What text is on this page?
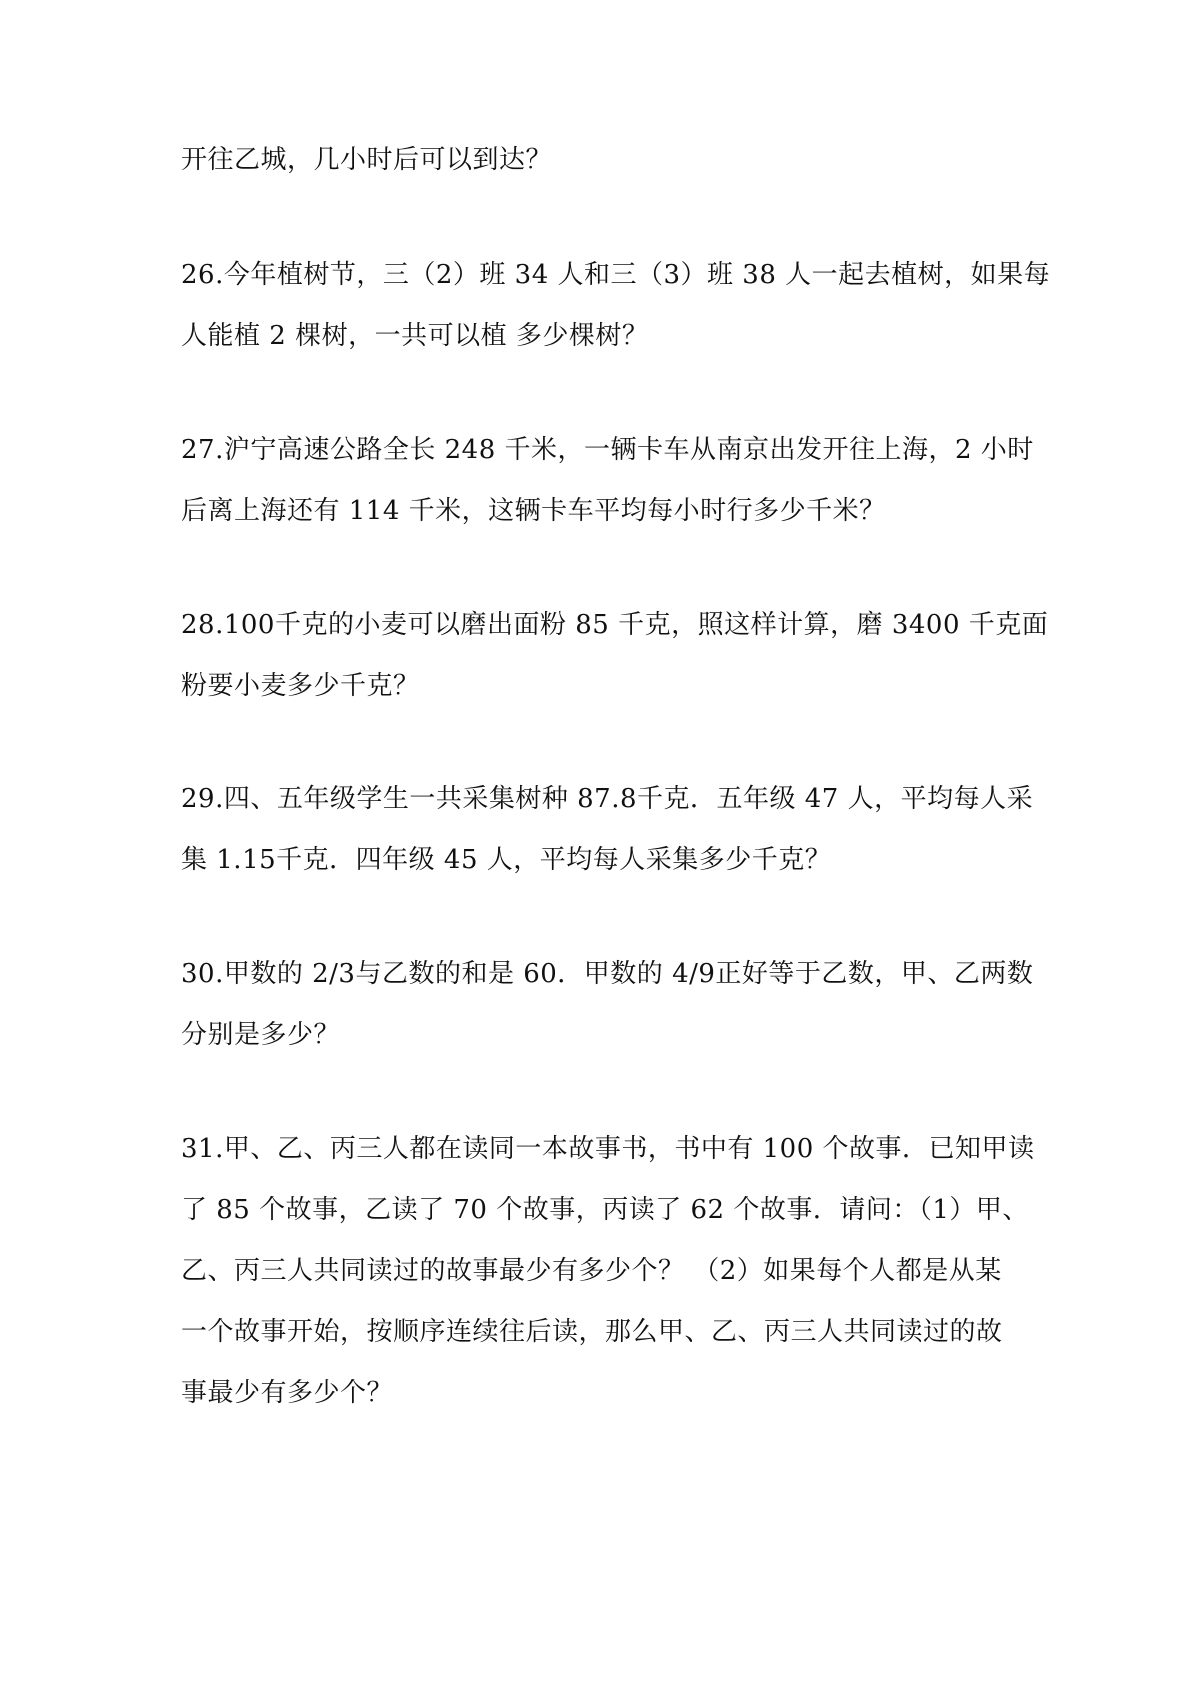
开往乙城，几小时后可以到达？
26.今年植树节，三（2）班 34 人和三（3）班 38 人一起去植树，如果每
人能植 2 棵树，一共可以植 多少棵树？
27.沪宁高速公路全长 248 千米，一辆卡车从南京出发开往上海，2 小时
后离上海还有 114 千米，这辆卡车平均每小时行多少千米？
28.100千克的小麦可以磨出面粉 85 千克，照这样计算，磨 3400 千克面
粉要小麦多少千克？
29.四、五年级学生一共采集树种 87.8千克．五年级 47 人，平均每人采
集 1.15千克．四年级 45 人，平均每人采集多少千克？
30.甲数的 2/3与乙数的和是 60．甲数的 4/9正好等于乙数，甲、乙两数
分别是多少？
31.甲、乙、丙三人都在读同一本故事书，书中有 100 个故事．已知甲读
了 85 个故事，乙读了 70 个故事，丙读了 62 个故事．请问：（1）甲、
乙、丙三人共同读过的故事最少有多少个？ （2）如果每个人都是从某
一个故事开始，按顺序连续往后读，那么甲、乙、丙三人共同读过的故
事最少有多少个？
